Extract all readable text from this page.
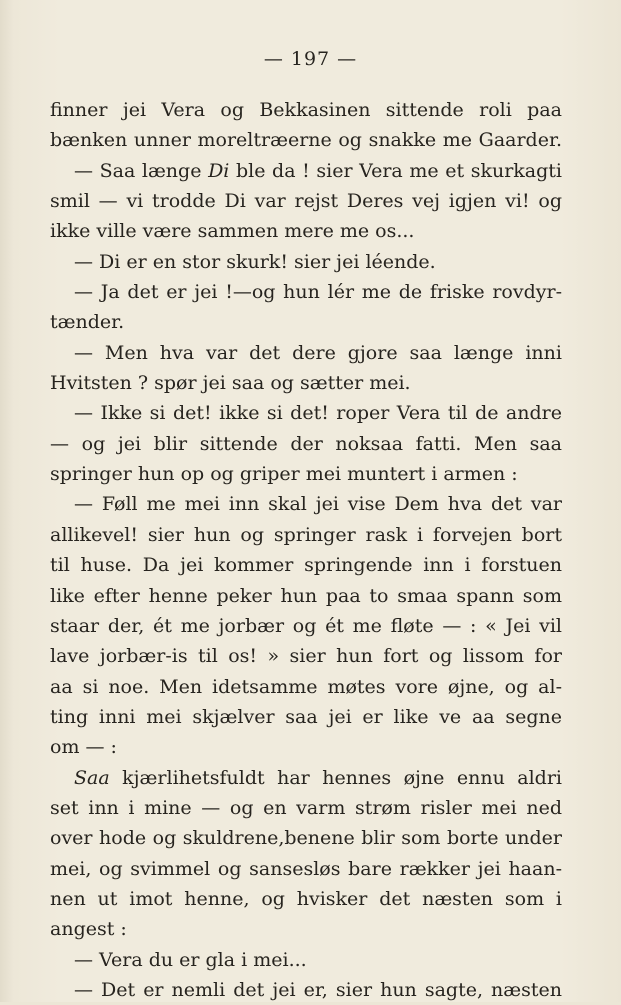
— 197 —
finner jei Vera og Bekkasinen sittende roli paa
bænken unner moreltræerne og snakke me Gaarder.
— Saa længe Di ble da ! sier Vera me et skurkagti
smil — vi trodde Di var rejst Deres vej igjen vi! og
ikke ville være sammen mere me os...
— Di er en stor skurk! sier jei léende.
— Ja det er jei !—og hun lér me de friske rovdyr-
tænder.
— Men hva var det dere gjore saa længe inni
Hvitsten ? spør jei saa og sætter mei.
— Ikke si det! ikke si det! roper Vera til de andre
— og jei blir sittende der noksaa fatti. Men saa
springer hun op og griper mei muntert i armen :
— Føll me mei inn skal jei vise Dem hva det var
allikevel! sier hun og springer rask i forvejen bort
til huse. Da jei kommer springende inn i forstuen
like efter henne peker hun paa to smaa spann som
staar der, ét me jorbær og ét me fløte — : « Jei vil
lave jorbær-is til os! » sier hun fort og lissom for
aa si noe. Men idetsamme møtes vore øjne, og al-
ting inni mei skjælver saa jei er like ve aa segne
om — :
Saa kjærlihetsfuldt har hennes øjne ennu aldri
set inn i mine — og en varm strøm risler mei ned
over hode og skuldrene,benene blir som borte under
mei, og svimmel og sansesløs bare rækker jei haan-
nen ut imot henne, og hvisker det næsten som i
angest :
— Vera du er gla i mei...
— Det er nemli det jei er, sier hun sagte, næsten
